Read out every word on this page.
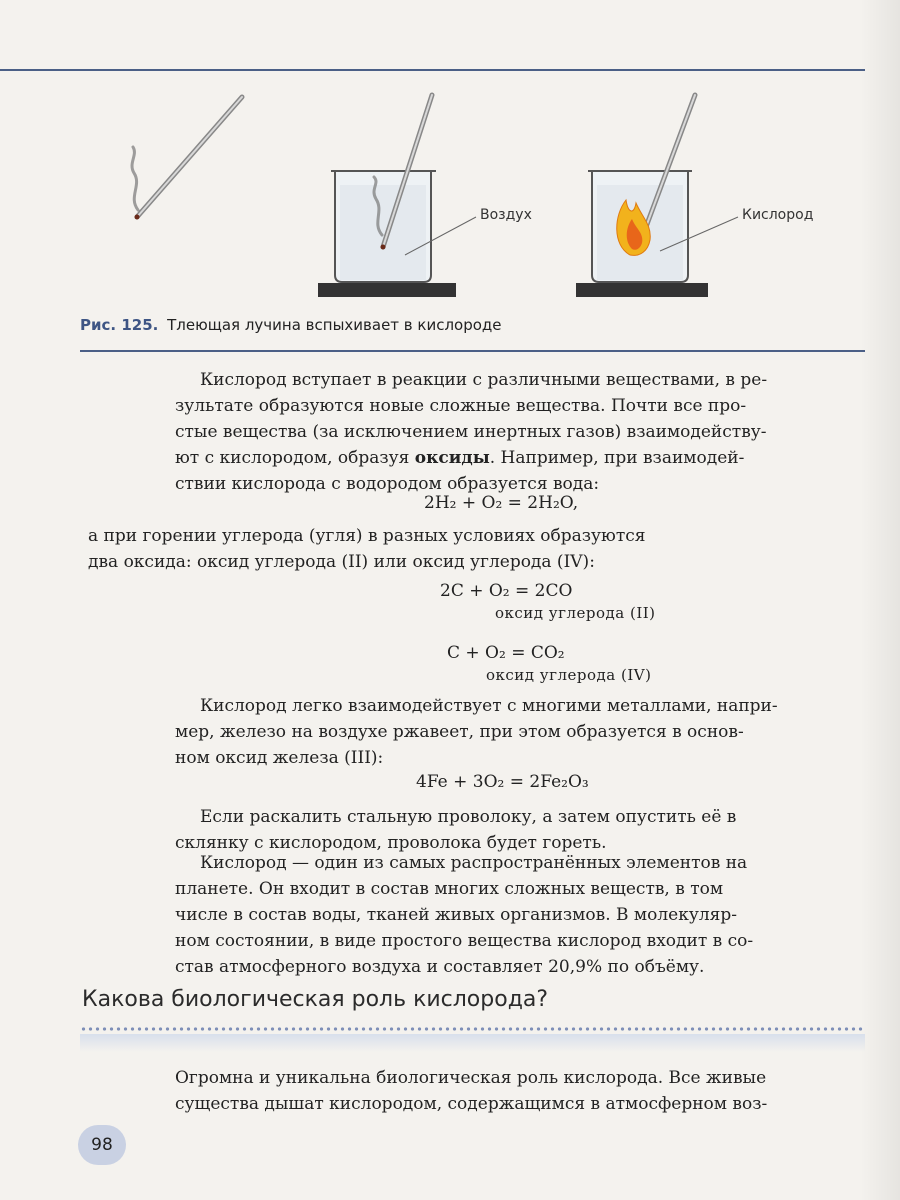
Воздух	Кислород
Рис. 125. Тлеющая лучина вспыхивает в кислороде
Кислород вступает в реакции с различными веществами, в ре-
зультате образуются новые сложные вещества. Почти все про-
стые вещества (за исключением инертных газов) взаимодейству-
ют с кислородом, образуя оксиды. Например, при взаимодей-
ствии кислорода с водородом образуется вода:
2H₂ + O₂ = 2H₂O,
а при горении углерода (угля) в разных условиях образуются
два оксида: оксид углерода (II) или оксид углерода (IV):
2C + O₂ = 2CO
оксид углерода (II)
C + O₂ = CO₂
оксид углерода (IV)
Кислород легко взаимодействует с многими металлами, напри-
мер, железо на воздухе ржавеет, при этом образуется в основ-
ном оксид железа (III):
4Fe + 3O₂ = 2Fe₂O₃
Если раскалить стальную проволоку, а затем опустить её в
склянку с кислородом, проволока будет гореть.
Кислород — один из самых распространённых элементов на
планете. Он входит в состав многих сложных веществ, в том
числе в состав воды, тканей живых организмов. В молекуляр-
ном состоянии, в виде простого вещества кислород входит в со-
став атмосферного воздуха и составляет 20,9% по объёму.
Какова биологическая роль кислорода?
Огромна и уникальна биологическая роль кислорода. Все живые
существа дышат кислородом, содержащимся в атмосферном воз-
98
